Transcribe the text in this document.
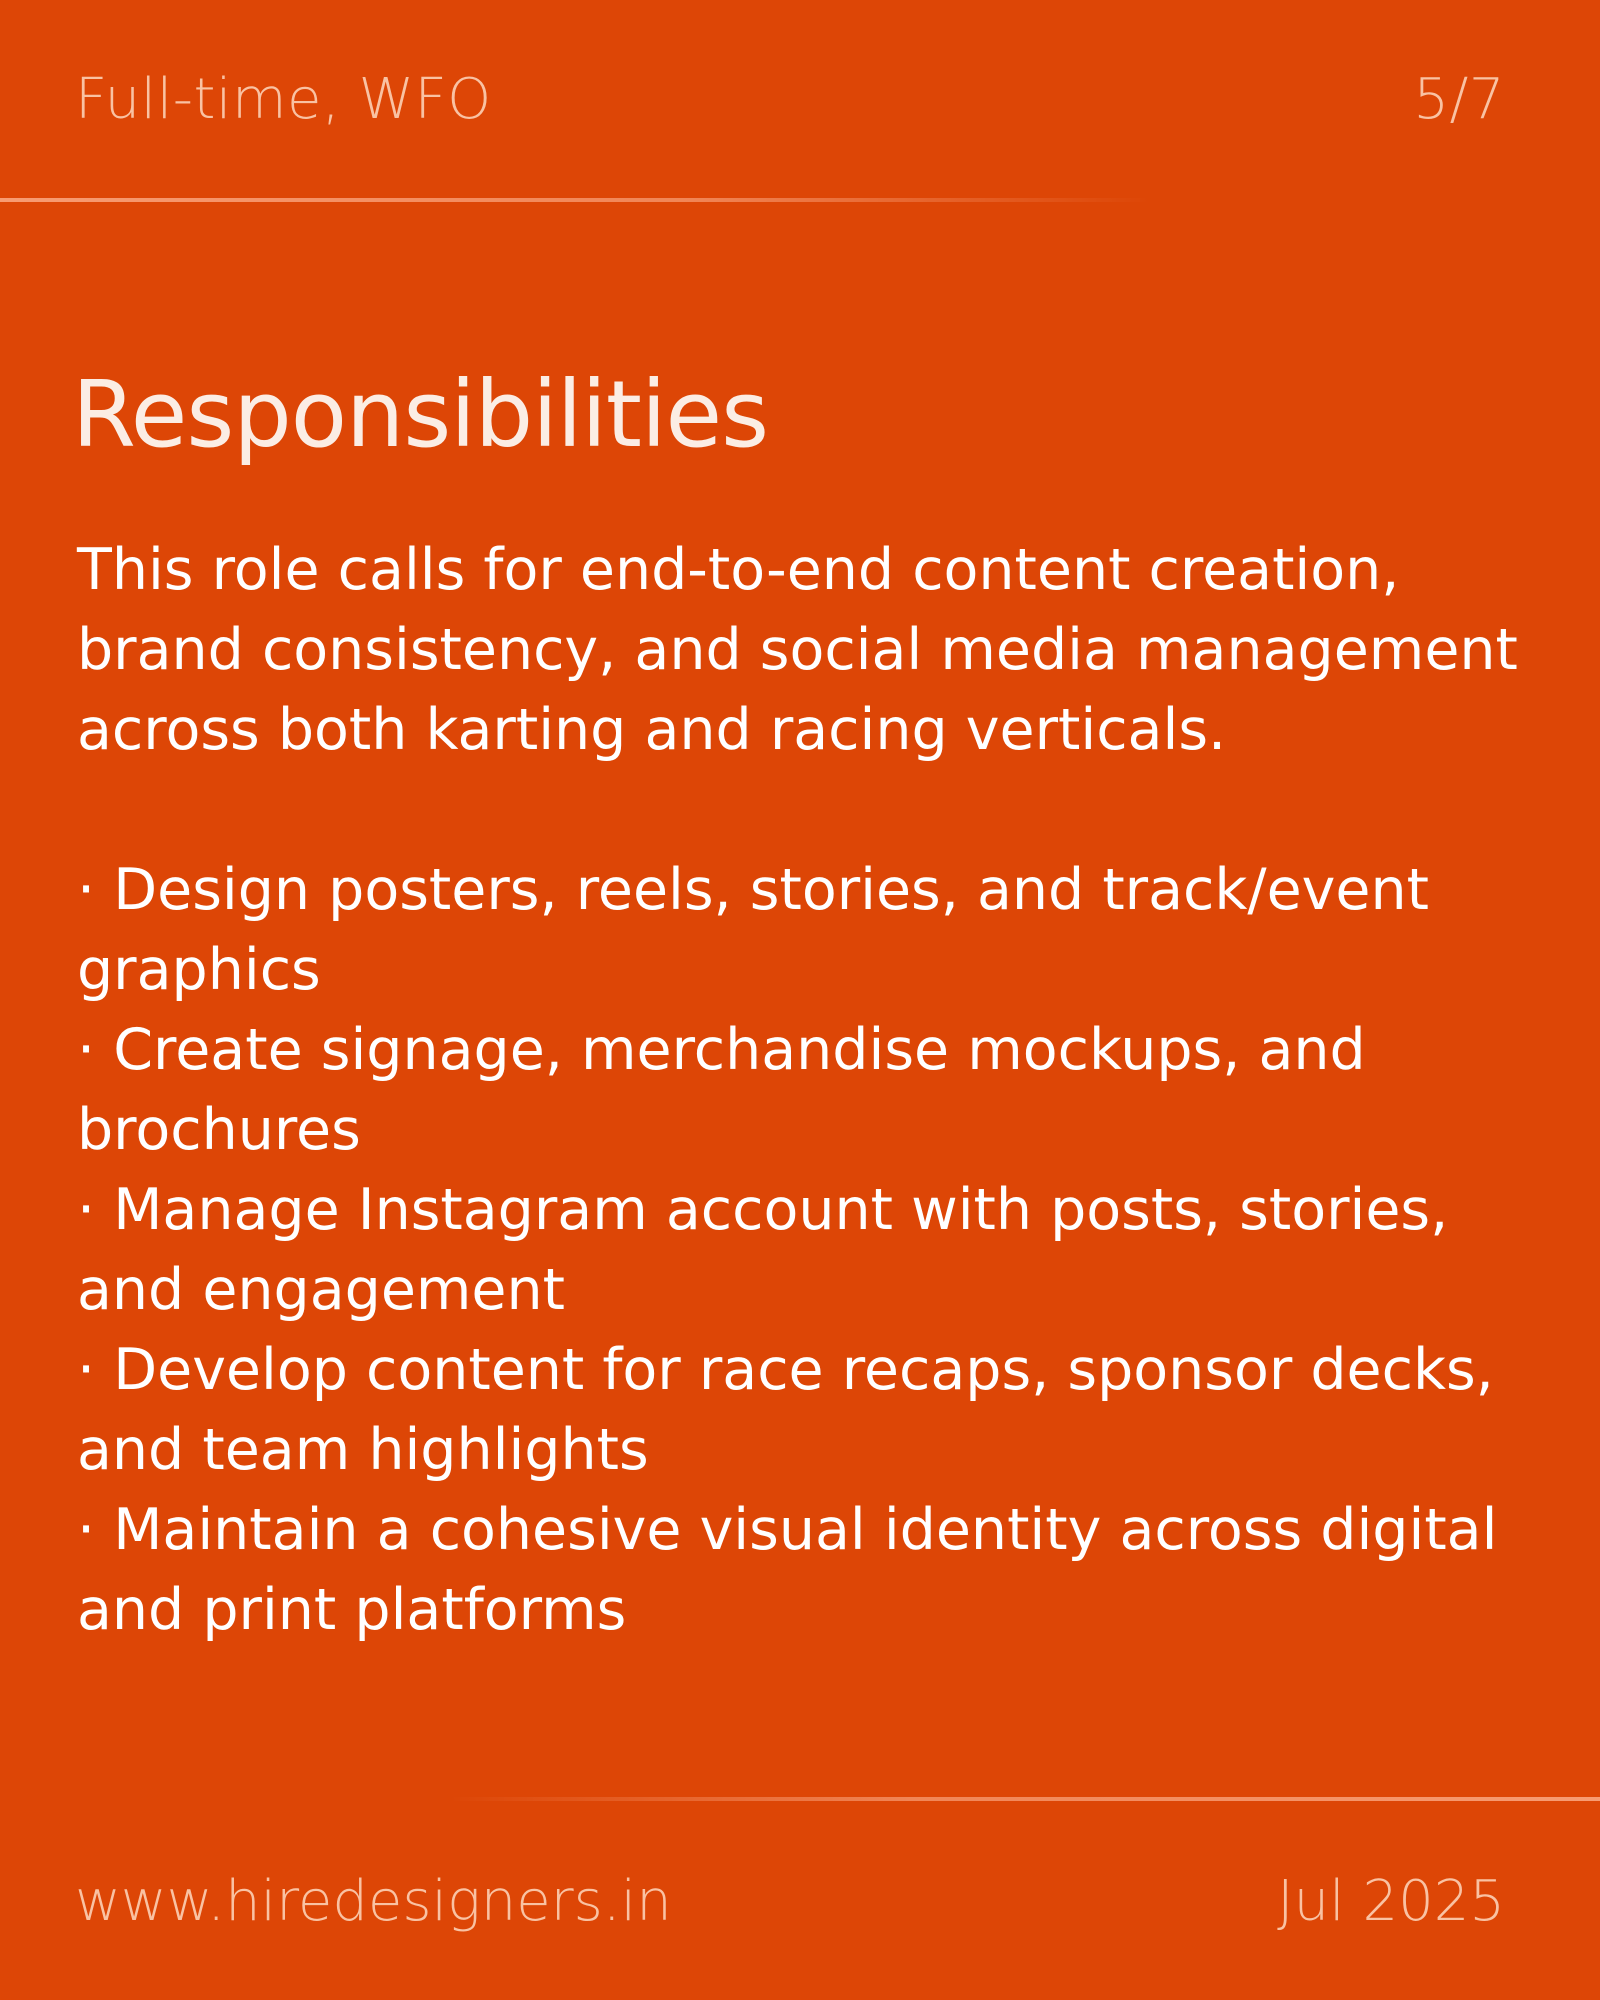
Full-time, WFO	5/7
Responsibilities

This role calls for end-to-end content creation, brand consistency, and social media management across both karting and racing verticals.

· Design posters, reels, stories, and track/event graphics
· Create signage, merchandise mockups, and brochures
· Manage Instagram account with posts, stories, and engagement
· Develop content for race recaps, sponsor decks, and team highlights
· Maintain a cohesive visual identity across digital and print platforms
www.hiredesigners.in	Jul 2025
